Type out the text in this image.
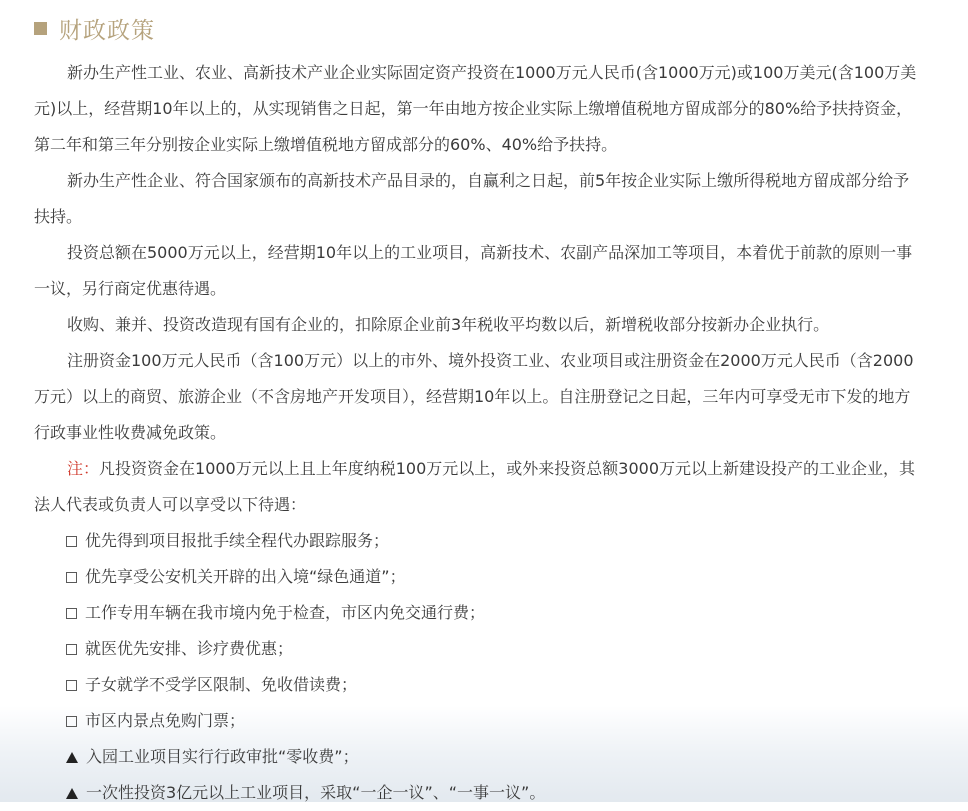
财政政策

新办生产性工业、农业、高新技术产业企业实际固定资产投资在1000万元人民币(含1000万元)或100万美元(含100万美元)以上，经营期10年以上的，从实现销售之日起，第一年由地方按企业实际上缴增值税地方留成部分的80%给予扶持资金，第二年和第三年分别按企业实际上缴增值税地方留成部分的60%、40%给予扶持。

新办生产性企业、符合国家颁布的高新技术产品目录的，自赢利之日起，前5年按企业实际上缴所得税地方留成部分给予扶持。

投资总额在5000万元以上，经营期10年以上的工业项目，高新技术、农副产品深加工等项目，本着优于前款的原则一事一议，另行商定优惠待遇。

收购、兼并、投资改造现有国有企业的，扣除原企业前3年税收平均数以后，新增税收部分按新办企业执行。

注册资金100万元人民币（含100万元）以上的市外、境外投资工业、农业项目或注册资金在2000万元人民币（含2000万元）以上的商贸、旅游企业（不含房地产开发项目），经营期10年以上。自注册登记之日起，三年内可享受无市下发的地方行政事业性收费减免政策。

注：凡投资资金在1000万元以上且上年度纳税100万元以上，或外来投资总额3000万元以上新建设投产的工业企业，其法人代表或负责人可以享受以下待遇：

优先得到项目报批手续全程代办跟踪服务；
优先享受公安机关开辟的出入境“绿色通道”；
工作专用车辆在我市境内免于检查，市区内免交通行费；
就医优先安排、诊疗费优惠；
子女就学不受学区限制、免收借读费；
市区内景点免购门票；
入园工业项目实行行政审批“零收费”；
一次性投资3亿元以上工业项目，采取“一企一议”、“一事一议”。
